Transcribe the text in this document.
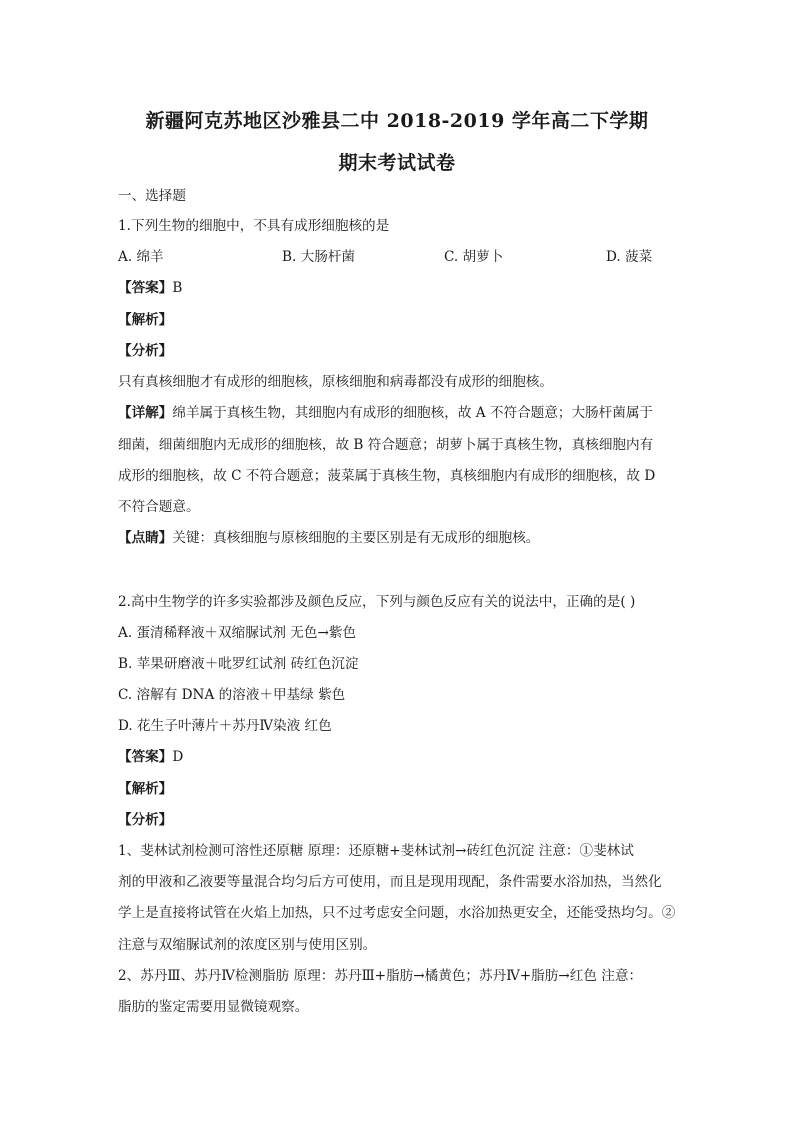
新疆阿克苏地区沙雅县二中 2018-2019 学年高二下学期
期末考试试卷
一、选择题
1.下列生物的细胞中，不具有成形细胞核的是
A. 绵羊	B. 大肠杆菌	C. 胡萝卜	D. 菠菜
【答案】B
【解析】
【分析】
只有真核细胞才有成形的细胞核，原核细胞和病毒都没有成形的细胞核。
【详解】绵羊属于真核生物，其细胞内有成形的细胞核，故 A 不符合题意；大肠杆菌属于
细菌，细菌细胞内无成形的细胞核，故 B 符合题意；胡萝卜属于真核生物，真核细胞内有
成形的细胞核，故 C 不符合题意；菠菜属于真核生物，真核细胞内有成形的细胞核，故 D
不符合题意。
【点睛】关键：真核细胞与原核细胞的主要区别是有无成形的细胞核。
2.高中生物学的许多实验都涉及颜色反应，下列与颜色反应有关的说法中，正确的是( )
A. 蛋清稀释液＋双缩脲试剂 无色→紫色
B. 苹果研磨液＋吡罗红试剂 砖红色沉淀
C. 溶解有 DNA 的溶液＋甲基绿 紫色
D. 花生子叶薄片＋苏丹Ⅳ染液 红色
【答案】D
【解析】
【分析】
1、斐林试剂检测可溶性还原糖 原理：还原糖+斐林试剂→砖红色沉淀 注意：①斐林试
剂的甲液和乙液要等量混合均匀后方可使用，而且是现用现配，条件需要水浴加热，当然化
学上是直接将试管在火焰上加热，只不过考虑安全问题，水浴加热更安全，还能受热均匀。②
注意与双缩脲试剂的浓度区别与使用区别。
2、苏丹Ⅲ、苏丹Ⅳ检测脂肪 原理：苏丹Ⅲ+脂肪→橘黄色；苏丹Ⅳ+脂肪→红色 注意：
脂肪的鉴定需要用显微镜观察。
